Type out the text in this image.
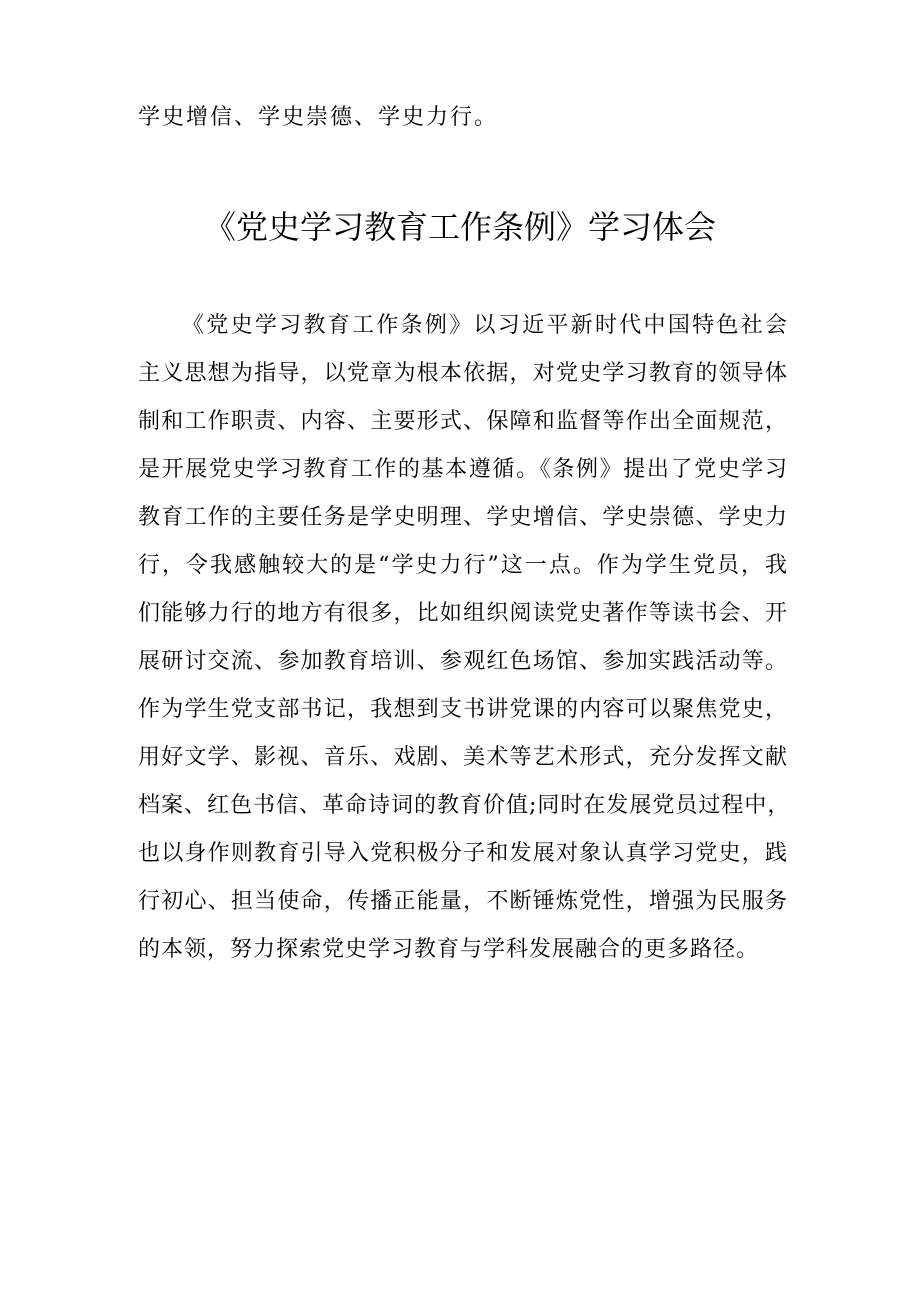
学史增信、学史崇德、学史力行。
《党史学习教育工作条例》学习体会
《党史学习教育工作条例》以习近平新时代中国特色社会
主义思想为指导，以党章为根本依据，对党史学习教育的领导体
制和工作职责、内容、主要形式、保障和监督等作出全面规范，
是开展党史学习教育工作的基本遵循。《条例》提出了党史学习
教育工作的主要任务是学史明理、学史增信、学史崇德、学史力
行，令我感触较大的是“学史力行”这一点。作为学生党员，我
们能够力行的地方有很多，比如组织阅读党史著作等读书会、开
展研讨交流、参加教育培训、参观红色场馆、参加实践活动等。
作为学生党支部书记，我想到支书讲党课的内容可以聚焦党史，
用好文学、影视、音乐、戏剧、美术等艺术形式，充分发挥文献
档案、红色书信、革命诗词的教育价值;同时在发展党员过程中，
也以身作则教育引导入党积极分子和发展对象认真学习党史，践
行初心、担当使命，传播正能量，不断锤炼党性，增强为民服务
的本领，努力探索党史学习教育与学科发展融合的更多路径。
